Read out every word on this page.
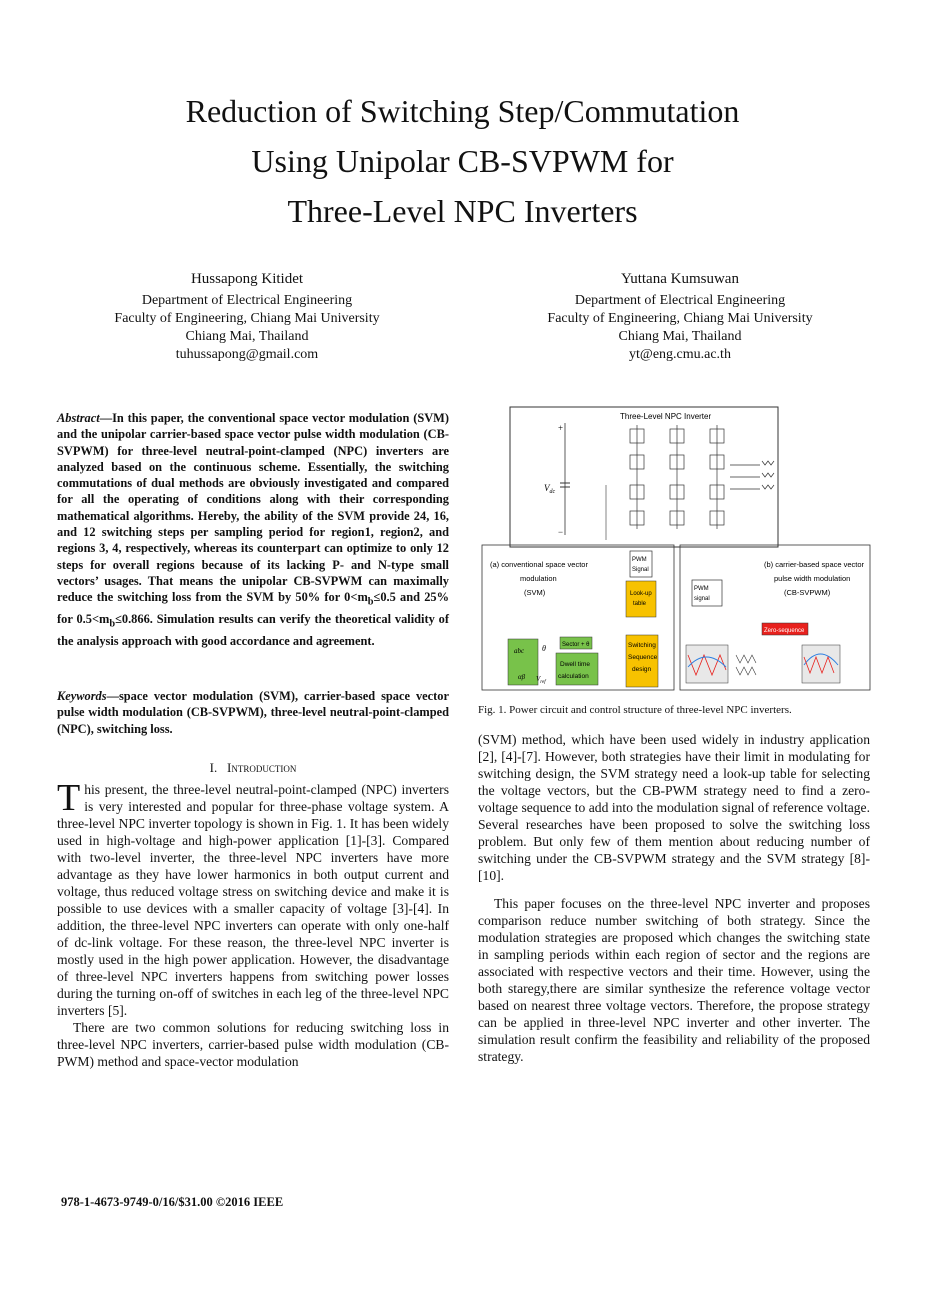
Reduction of Switching Step/Commutation
Using Unipolar CB-SVPWM for
Three-Level NPC Inverters
Hussapong Kitidet
Department of Electrical Engineering
Faculty of Engineering, Chiang Mai University
Chiang Mai, Thailand
tuhussapong@gmail.com
Yuttana Kumsuwan
Department of Electrical Engineering
Faculty of Engineering, Chiang Mai University
Chiang Mai, Thailand
yt@eng.cmu.ac.th
Abstract—In this paper, the conventional space vector modulation (SVM) and the unipolar carrier-based space vector pulse width modulation (CB-SVPWM) for three-level neutral-point-clamped (NPC) inverters are analyzed based on the continuous scheme. Essentially, the switching commutations of dual methods are obviously investigated and compared for all the operating of conditions along with their corresponding mathematical algorithms. Hereby, the ability of the SVM provide 24, 16, and 12 switching steps per sampling period for region1, region2, and regions 3, 4, respectively, whereas its counterpart can optimize to only 12 steps for overall regions because of its lacking P- and N-type small vectors’ usages. That means the unipolar CB-SVPWM can maximally reduce the switching loss from the SVM by 50% for $0<m_b\le 0.5$ and 25% for $0.5<m_b\le 0.866$. Simulation results can verify the theoretical validity of the analysis approach with good accordance and agreement.
Keywords—space vector modulation (SVM), carrier-based space vector pulse width modulation (CB-SVPWM), three-level neutral-point-clamped (NPC), switching loss.
I. Introduction

This present, the three-level neutral-point-clamped (NPC) inverters is very interested and popular for three-phase voltage system. A three-level NPC inverter topology is shown in Fig. 1. It has been widely used in high-voltage and high-power application [1]-[3]. Compared with two-level inverter, the three-level NPC inverters have more advantage as they have lower harmonics in both output current and voltage, thus reduced voltage stress on switching device and make it is possible to use devices with a smaller capacity of voltage [3]-[4]. In addition, the three-level NPC inverters can operate with only one-half of dc-link voltage. For these reason, the three-level NPC inverter is mostly used in the high power application. However, the disadvantage of three-level NPC inverters happens from switching power losses during the turning on-off of switches in each leg of the three-level NPC inverters [5].

There are two common solutions for reducing switching loss in three-level NPC inverters, carrier-based pulse width modulation (CB-PWM) method and space-vector modulation

Three-Level NPC Inverter
+
−
$V_{dc}$
(a) conventional space vector
modulation
(SVM)
PWM
Signal
Look-up
table
Switching
Sequence
design
Sector + θ
Dwell time
calculation
abc
αβ
θ
$V_{ref}$
PWM
signal
(b) carrier-based space vector
pulse width modulation
(CB-SVPWM)
Zero-sequence
Fig. 1. Power circuit and control structure of three-level NPC inverters.

(SVM) method, which have been used widely in industry application [2], [4]-[7]. However, both strategies have their limit in modulating for switching design, the SVM strategy need a look-up table for selecting the voltage vectors, but the CB-PWM strategy need to find a zero-voltage sequence to add into the modulation signal of reference voltage. Several researches have been proposed to solve the switching loss problem. But only few of them mention about reducing number of switching under the CB-SVPWM strategy and the SVM strategy [8]-[10].

This paper focuses on the three-level NPC inverter and proposes comparison reduce number switching of both strategy. Since the modulation strategies are proposed which changes the switching state in sampling periods within each region of sector and the regions are associated with respective vectors and their time. However, using the both staregy,there are similar synthesize the reference voltage vector based on nearest three voltage vectors. Therefore, the propose strategy can be applied in three-level NPC inverter and other inverter. The simulation result confirm the feasibility and reliability of the proposed strategy.

978-1-4673-9749-0/16/$31.00 ©2016 IEEE
